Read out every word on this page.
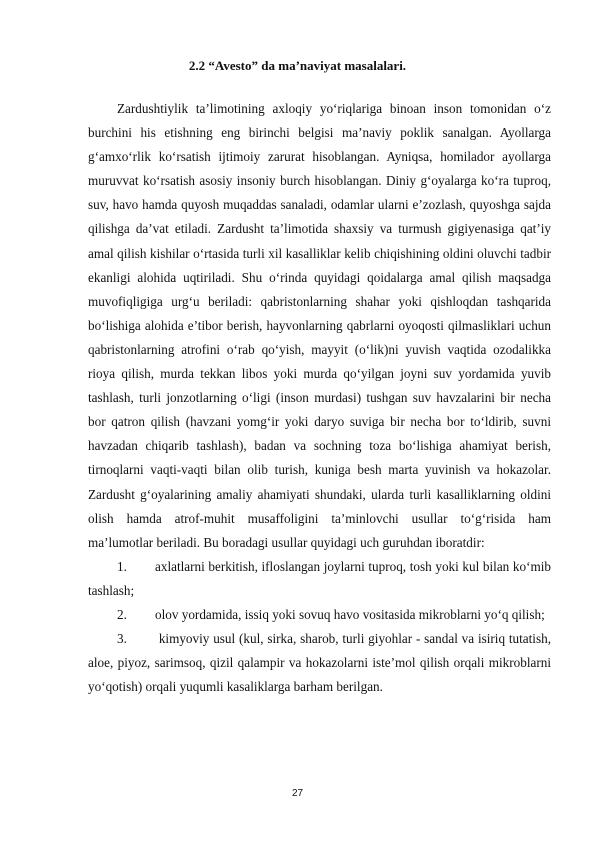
2.2 “Avesto” da ma’naviyat masalalari.

Zardushtiylik ta’limotining axloqiy yo‘riqlariga binoan inson tomonidan o‘z burchini his etishning eng birinchi belgisi ma’naviy poklik sanalgan. Ayollarga g‘amxo‘rlik ko‘rsatish ijtimoiy zarurat hisoblangan. Ayniqsa, homilador ayollarga muruvvat ko‘rsatish asosiy insoniy burch hisoblangan. Diniy g‘oyalarga ko‘ra tuproq, suv, havo hamda quyosh muqaddas sanaladi, odamlar ularni e’zozlash, quyoshga sajda qilishga da’vat etiladi. Zardusht ta’limotida shaxsiy va turmush gigiyenasiga qat’iy amal qilish kishilar o‘rtasida turli xil kasalliklar kelib chiqishining oldini oluvchi tadbir ekanligi alohida uqtiriladi. Shu o‘rinda quyidagi qoidalarga amal qilish maqsadga muvofiqligiga urg‘u beriladi: qabristonlarning shahar yoki qishloqdan tashqarida bo‘lishiga alohida e’tibor berish, hayvonlarning qabrlarni oyoqosti qilmasliklari uchun qabristonlarning atrofini o‘rab qo‘yish, mayyit (o‘lik)ni yuvish vaqtida ozodalikka rioya qilish, murda tekkan libos yoki murda qo‘yilgan joyni suv yordamida yuvib tashlash, turli jonzotlarning o‘ligi (inson murdasi) tushgan suv havzalarini bir necha bor qatron qilish (havzani yomg‘ir yoki daryo suviga bir necha bor to‘ldirib, suvni havzadan chiqarib tashlash), badan va sochning toza bo‘lishiga ahamiyat berish, tirnoqlarni vaqti-vaqti bilan olib turish, kuniga besh marta yuvinish va hokazolar. Zardusht g‘oyalarining amaliy ahamiyati shundaki, ularda turli kasalliklarning oldini olish hamda atrof-muhit musaffoligini ta’minlovchi usullar to‘g‘risida ham ma’lumotlar beriladi. Bu boradagi usullar quyidagi uch guruhdan iboratdir:

1. axlatlarni berkitish, ifloslangan joylarni tuproq, tosh yoki kul bilan ko‘mib tashlash;

2. olov yordamida, issiq yoki sovuq havo vositasida mikroblarni yo‘q qilish;

3. kimyoviy usul (kul, sirka, sharob, turli giyohlar - sandal va isiriq tutatish, aloe, piyoz, sarimsoq, qizil qalampir va hokazolarni iste’mol qilish orqali mikroblarni yo‘qotish) orqali yuqumli kasaliklarga barham berilgan.

27
